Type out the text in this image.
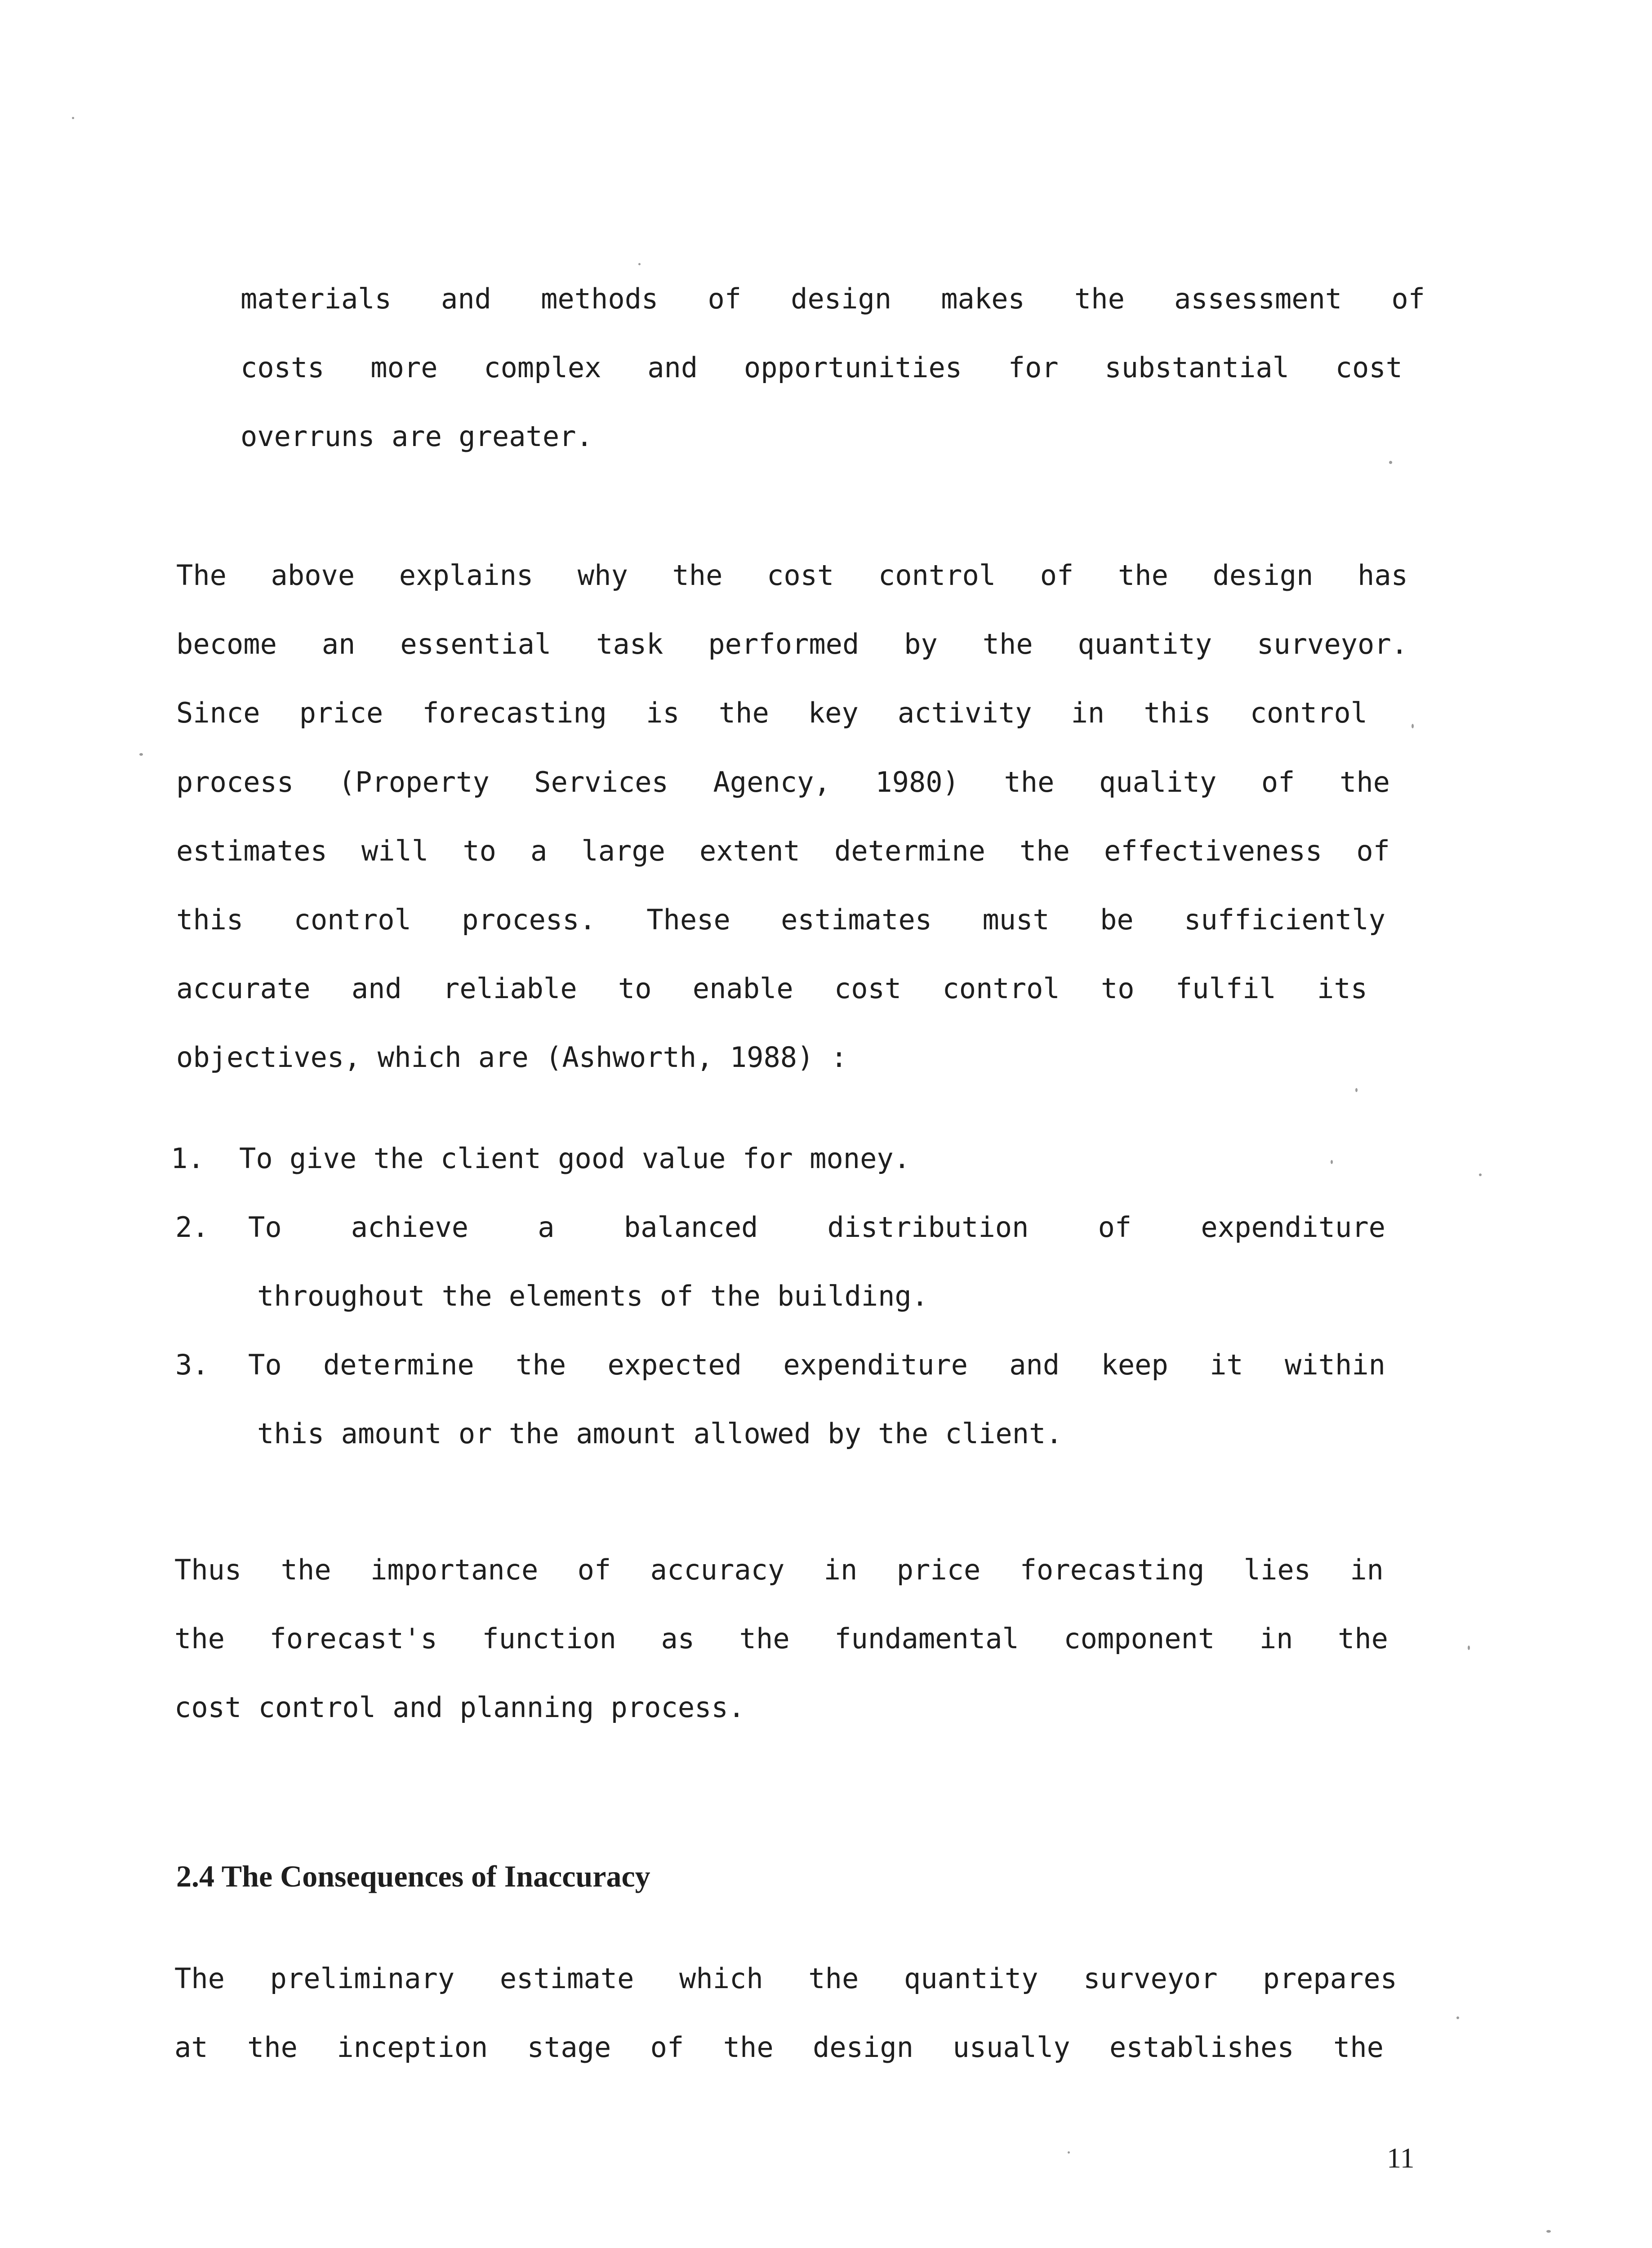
materials and methods of design makes the assessment of
costs more complex and opportunities for substantial cost
overruns are greater.
The above explains why the cost control of the design has
become an essential task performed by the quantity surveyor.
Since price forecasting is the key activity in this control
process (Property Services Agency, 1980) the quality of the
estimates will to a large extent determine the effectiveness of
this control process. These estimates must be sufficiently
accurate and reliable to enable cost control to fulfil its
objectives, which are (Ashworth, 1988) :
1. To give the client good value for money.
2. To achieve a balanced distribution of expenditure
throughout the elements of the building.
3. To determine the expected expenditure and keep it within
this amount or the amount allowed by the client.
Thus the importance of accuracy in price forecasting lies in
the forecast's function as the fundamental component in the
cost control and planning process.
2.4 The Consequences of Inaccuracy
The preliminary estimate which the quantity surveyor prepares
at the inception stage of the design usually establishes the
11
